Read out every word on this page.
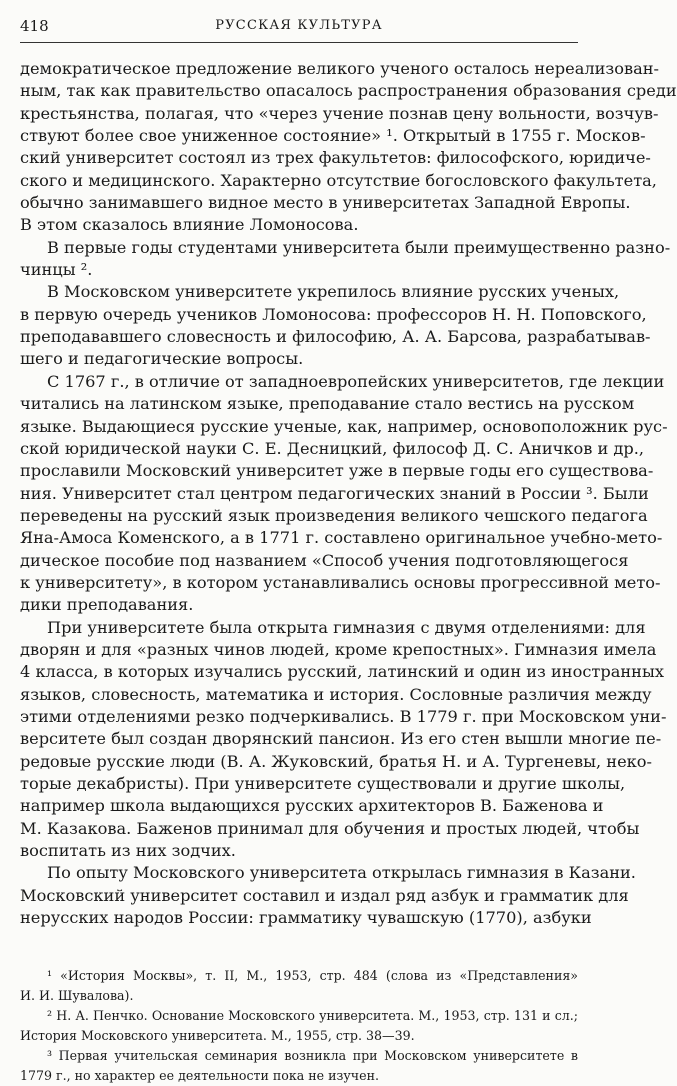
418	РУССКАЯ КУЛЬТУРА
демократическое предложение великого ученого осталось нереализован-
ным, так как правительство опасалось распространения образования среди
крестьянства, полагая, что «через учение познав цену вольности, возчув-
ствуют более свое униженное состояние» ¹. Открытый в 1755 г. Москов-
ский университет состоял из трех факультетов: философского, юридиче-
ского и медицинского. Характерно отсутствие богословского факультета,
обычно занимавшего видное место в университетах Западной Европы.
В этом сказалось влияние Ломоносова.
В первые годы студентами университета были преимущественно разно-
чинцы ².
В Московском университете укрепилось влияние русских ученых,
в первую очередь учеников Ломоносова: профессоров Н. Н. Поповского,
преподававшего словесность и философию, А. А. Барсова, разрабатывав-
шего и педагогические вопросы.
С 1767 г., в отличие от западноевропейских университетов, где лекции
читались на латинском языке, преподавание стало вестись на русском
языке. Выдающиеся русские ученые, как, например, основоположник рус-
ской юридической науки С. Е. Десницкий, философ Д. С. Аничков и др.,
прославили Московский университет уже в первые годы его существова-
ния. Университет стал центром педагогических знаний в России ³. Были
переведены на русский язык произведения великого чешского педагога
Яна-Амоса Коменского, а в 1771 г. составлено оригинальное учебно-мето-
дическое пособие под названием «Способ учения подготовляющегося
к университету», в котором устанавливались основы прогрессивной мето-
дики преподавания.
При университете была открыта гимназия с двумя отделениями: для
дворян и для «разных чинов людей, кроме крепостных». Гимназия имела
4 класса, в которых изучались русский, латинский и один из иностранных
языков, словесность, математика и история. Сословные различия между
этими отделениями резко подчеркивались. В 1779 г. при Московском уни-
верситете был создан дворянский пансион. Из его стен вышли многие пе-
редовые русские люди (В. А. Жуковский, братья Н. и А. Тургеневы, неко-
торые декабристы). При университете существовали и другие школы,
например школа выдающихся русских архитекторов В. Баженова и
М. Казакова. Баженов принимал для обучения и простых людей, чтобы
воспитать из них зодчих.
По опыту Московского университета открылась гимназия в Казани.
Московский университет составил и издал ряд азбук и грамматик для
нерусских народов России: грамматику чувашскую (1770), азбуки
¹ «История Москвы», т. II, М., 1953, стр. 484 (слова из «Представления»
И. И. Шувалова).
² Н. А. Пенчко. Основание Московского университета. М., 1953, стр. 131 и сл.;
История Московского университета. М., 1955, стр. 38—39.
³ Первая учительская семинария возникла при Московском университете в
1779 г., но характер ее деятельности пока не изучен.
